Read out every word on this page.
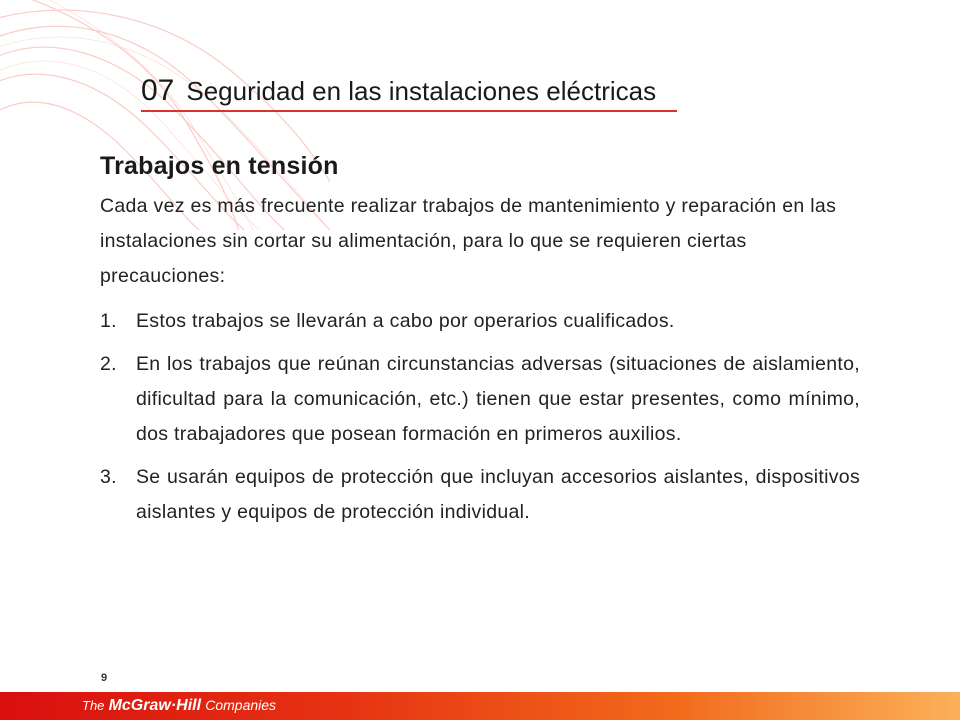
07 Seguridad en las instalaciones eléctricas
Trabajos en tensión

Cada vez es más frecuente realizar trabajos de mantenimiento y reparación en las instalaciones sin cortar su alimentación, para lo que se requieren ciertas precauciones:

1. Estos trabajos se llevarán a cabo por operarios cualificados.
2. En los trabajos que reúnan circunstancias adversas (situaciones de aislamiento, dificultad para la comunicación, etc.) tienen que estar presentes, como mínimo, dos trabajadores que posean formación en primeros auxilios.
3. Se usarán equipos de protección que incluyan accesorios aislantes, dispositivos aislantes y equipos de protección individual.
9
The McGraw·Hill Companies
